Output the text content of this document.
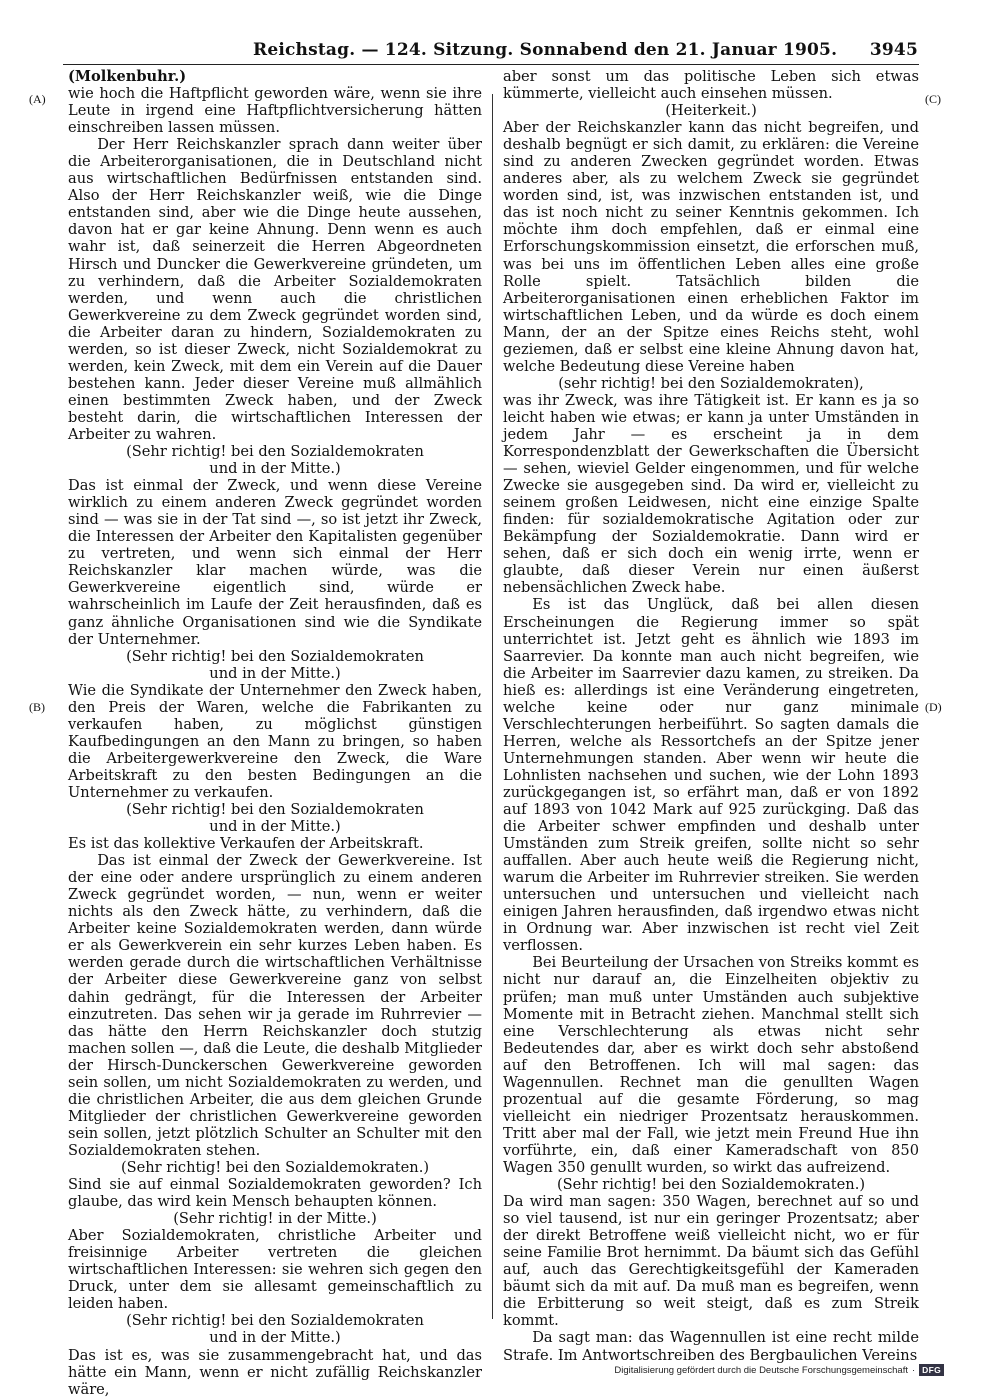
Reichstag. — 124. Sitzung. Sonnabend den 21. Januar 1905. 3945
(A)
(B)
(C)
(D)

(Molkenbuhr.)

wie hoch die Haftpflicht geworden wäre, wenn sie ihre Leute in irgend eine Haftpflichtversicherung hätten einschreiben lassen müssen.

Der Herr Reichskanzler sprach dann weiter über die Arbeiterorganisationen, die in Deutschland nicht aus wirtschaftlichen Bedürfnissen entstanden sind. Also der Herr Reichskanzler weiß, wie die Dinge entstanden sind, aber wie die Dinge heute aussehen, davon hat er gar keine Ahnung. Denn wenn es auch wahr ist, daß seinerzeit die Herren Abgeordneten Hirsch und Duncker die Gewerkvereine gründeten, um zu verhindern, daß die Arbeiter Sozialdemokraten werden, und wenn auch die christlichen Gewerkvereine zu dem Zweck gegründet worden sind, die Arbeiter daran zu hindern, Sozialdemokraten zu werden, so ist dieser Zweck, nicht Sozialdemokrat zu werden, kein Zweck, mit dem ein Verein auf die Dauer bestehen kann. Jeder dieser Vereine muß allmählich einen bestimmten Zweck haben, und der Zweck besteht darin, die wirtschaftlichen Interessen der Arbeiter zu wahren.

(Sehr richtig! bei den Sozialdemokraten
und in der Mitte.)

Das ist einmal der Zweck, und wenn diese Vereine wirklich zu einem anderen Zweck gegründet worden sind — was sie in der Tat sind —, so ist jetzt ihr Zweck, die Interessen der Arbeiter den Kapitalisten gegenüber zu vertreten, und wenn sich einmal der Herr Reichskanzler klar machen würde, was die Gewerkvereine eigentlich sind, würde er wahrscheinlich im Laufe der Zeit herausfinden, daß es ganz ähnliche Organisationen sind wie die Syndikate der Unternehmer.

(Sehr richtig! bei den Sozialdemokraten
und in der Mitte.)

Wie die Syndikate der Unternehmer den Zweck haben, den Preis der Waren, welche die Fabrikanten zu verkaufen haben, zu möglichst günstigen Kaufbedingungen an den Mann zu bringen, so haben die Arbeitergewerkvereine den Zweck, die Ware Arbeitskraft zu den besten Bedingungen an die Unternehmer zu verkaufen.

(Sehr richtig! bei den Sozialdemokraten
und in der Mitte.)

Es ist das kollektive Verkaufen der Arbeitskraft.

Das ist einmal der Zweck der Gewerkvereine. Ist der eine oder andere ursprünglich zu einem anderen Zweck gegründet worden, — nun, wenn er weiter nichts als den Zweck hätte, zu verhindern, daß die Arbeiter keine Sozialdemokraten werden, dann würde er als Gewerkverein ein sehr kurzes Leben haben. Es werden gerade durch die wirtschaftlichen Verhältnisse der Arbeiter diese Gewerkvereine ganz von selbst dahin gedrängt, für die Interessen der Arbeiter einzutreten. Das sehen wir ja gerade im Ruhrrevier — das hätte den Herrn Reichskanzler doch stutzig machen sollen —, daß die Leute, die deshalb Mitglieder der Hirsch-Dunckerschen Gewerkvereine geworden sein sollen, um nicht Sozialdemokraten zu werden, und die christlichen Arbeiter, die aus dem gleichen Grunde Mitglieder der christlichen Gewerkvereine geworden sein sollen, jetzt plötzlich Schulter an Schulter mit den Sozialdemokraten stehen.

(Sehr richtig! bei den Sozialdemokraten.)

Sind sie auf einmal Sozialdemokraten geworden? Ich glaube, das wird kein Mensch behaupten können.

(Sehr richtig! in der Mitte.)

Aber Sozialdemokraten, christliche Arbeiter und freisinnige Arbeiter vertreten die gleichen wirtschaftlichen Interessen: sie wehren sich gegen den Druck, unter dem sie allesamt gemeinschaftlich zu leiden haben.

(Sehr richtig! bei den Sozialdemokraten
und in der Mitte.)

Das ist es, was sie zusammengebracht hat, und das hätte ein Mann, wenn er nicht zufällig Reichskanzler wäre,

aber sonst um das politische Leben sich etwas kümmerte, vielleicht auch einsehen müssen.

(Heiterkeit.)

Aber der Reichskanzler kann das nicht begreifen, und deshalb begnügt er sich damit, zu erklären: die Vereine sind zu anderen Zwecken gegründet worden. Etwas anderes aber, als zu welchem Zweck sie gegründet worden sind, ist, was inzwischen entstanden ist, und das ist noch nicht zu seiner Kenntnis gekommen. Ich möchte ihm doch empfehlen, daß er einmal eine Erforschungskommission einsetzt, die erforschen muß, was bei uns im öffentlichen Leben alles eine große Rolle spielt. Tatsächlich bilden die Arbeiterorganisationen einen erheblichen Faktor im wirtschaftlichen Leben, und da würde es doch einem Mann, der an der Spitze eines Reichs steht, wohl geziemen, daß er selbst eine kleine Ahnung davon hat, welche Bedeutung diese Vereine haben

(sehr richtig! bei den Sozialdemokraten),

was ihr Zweck, was ihre Tätigkeit ist. Er kann es ja so leicht haben wie etwas; er kann ja unter Umständen in jedem Jahr — es erscheint ja in dem Korrespondenzblatt der Gewerkschaften die Übersicht — sehen, wieviel Gelder eingenommen, und für welche Zwecke sie ausgegeben sind. Da wird er, vielleicht zu seinem großen Leidwesen, nicht eine einzige Spalte finden: für sozialdemokratische Agitation oder zur Bekämpfung der Sozialdemokratie. Dann wird er sehen, daß er sich doch ein wenig irrte, wenn er glaubte, daß dieser Verein nur einen äußerst nebensächlichen Zweck habe.

Es ist das Unglück, daß bei allen diesen Erscheinungen die Regierung immer so spät unterrichtet ist. Jetzt geht es ähnlich wie 1893 im Saarrevier. Da konnte man auch nicht begreifen, wie die Arbeiter im Saarrevier dazu kamen, zu streiken. Da hieß es: allerdings ist eine Veränderung eingetreten, welche keine oder nur ganz minimale Verschlechterungen herbeiführt. So sagten damals die Herren, welche als Ressortchefs an der Spitze jener Unternehmungen standen. Aber wenn wir heute die Lohnlisten nachsehen und suchen, wie der Lohn 1893 zurückgegangen ist, so erfährt man, daß er von 1892 auf 1893 von 1042 Mark auf 925 zurückging. Daß das die Arbeiter schwer empfinden und deshalb unter Umständen zum Streik greifen, sollte nicht so sehr auffallen. Aber auch heute weiß die Regierung nicht, warum die Arbeiter im Ruhrrevier streiken. Sie werden untersuchen und untersuchen und vielleicht nach einigen Jahren herausfinden, daß irgendwo etwas nicht in Ordnung war. Aber inzwischen ist recht viel Zeit verflossen.

Bei Beurteilung der Ursachen von Streiks kommt es nicht nur darauf an, die Einzelheiten objektiv zu prüfen; man muß unter Umständen auch subjektive Momente mit in Betracht ziehen. Manchmal stellt sich eine Verschlechterung als etwas nicht sehr Bedeutendes dar, aber es wirkt doch sehr abstoßend auf den Betroffenen. Ich will mal sagen: das Wagennullen. Rechnet man die genullten Wagen prozentual auf die gesamte Förderung, so mag vielleicht ein niedriger Prozentsatz herauskommen. Tritt aber mal der Fall, wie jetzt mein Freund Hue ihn vorführte, ein, daß einer Kameradschaft von 850 Wagen 350 genullt wurden, so wirkt das aufreizend.

(Sehr richtig! bei den Sozialdemokraten.)

Da wird man sagen: 350 Wagen, berechnet auf so und so viel tausend, ist nur ein geringer Prozentsatz; aber der direkt Betroffene weiß vielleicht nicht, wo er für seine Familie Brot hernimmt. Da bäumt sich das Gefühl auf, auch das Gerechtigkeitsgefühl der Kameraden bäumt sich da mit auf. Da muß man es begreifen, wenn die Erbitterung so weit steigt, daß es zum Streik kommt.

Da sagt man: das Wagennullen ist eine recht milde Strafe. Im Antwortschreiben des Bergbaulichen Vereins

Digitalisierung gefördert durch die Deutsche Forschungsgemeinschaft · DFG
